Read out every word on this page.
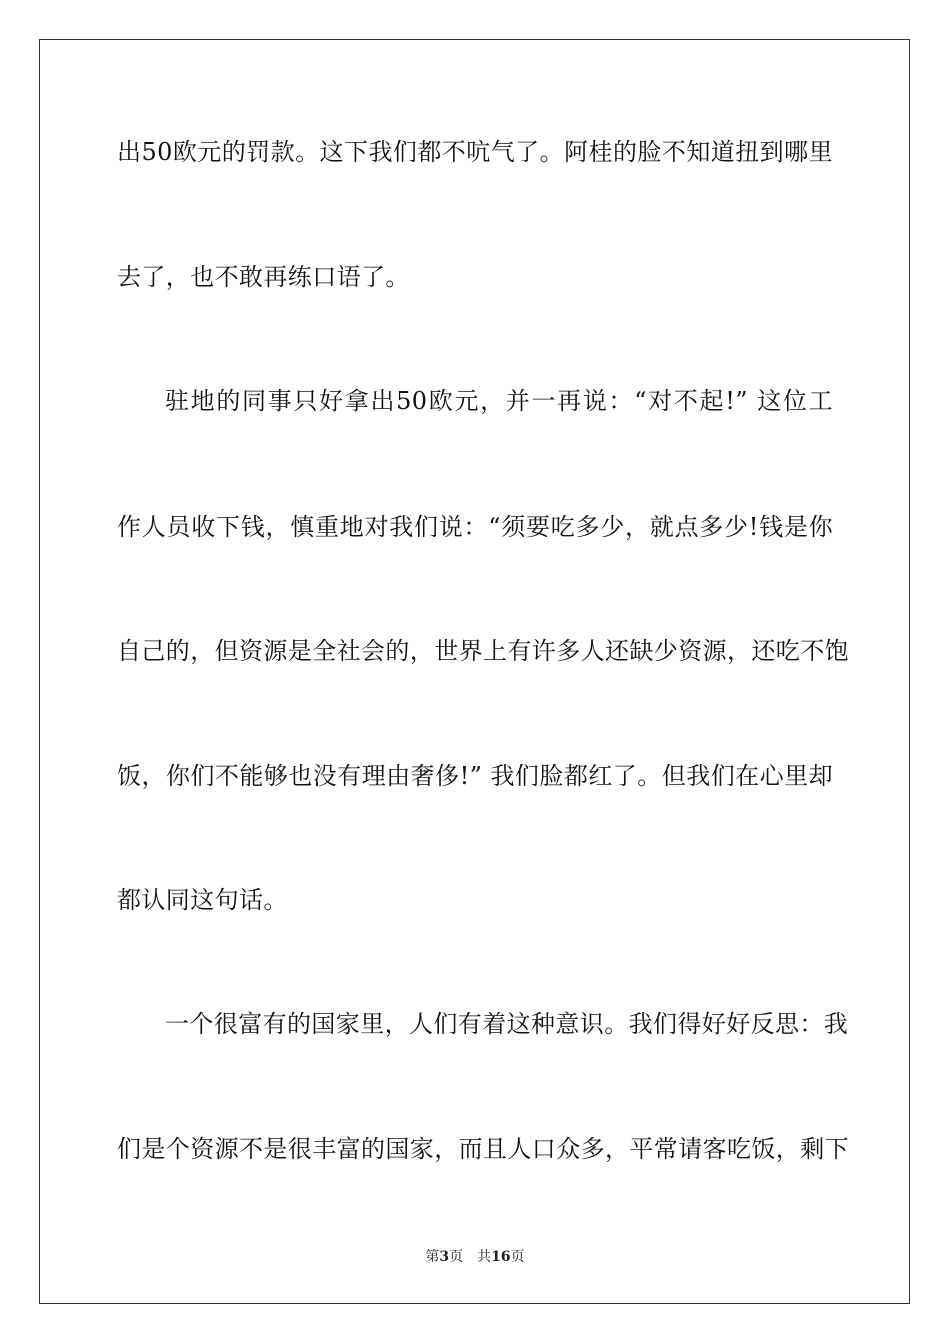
出50欧元的罚款。这下我们都不吭气了。阿桂的脸不知道扭到哪里
去了，也不敢再练口语了。
驻地的同事只好拿出50欧元，并一再说：“对不起!” 这位工
作人员收下钱，慎重地对我们说：“须要吃多少，就点多少!钱是你
自己的，但资源是全社会的，世界上有许多人还缺少资源，还吃不饱
饭，你们不能够也没有理由奢侈!” 我们脸都红了。但我们在心里却
都认同这句话。
一个很富有的国家里，人们有着这种意识。我们得好好反思：我
们是个资源不是很丰富的国家，而且人口众多，平常请客吃饭，剩下
第3页 共16页
